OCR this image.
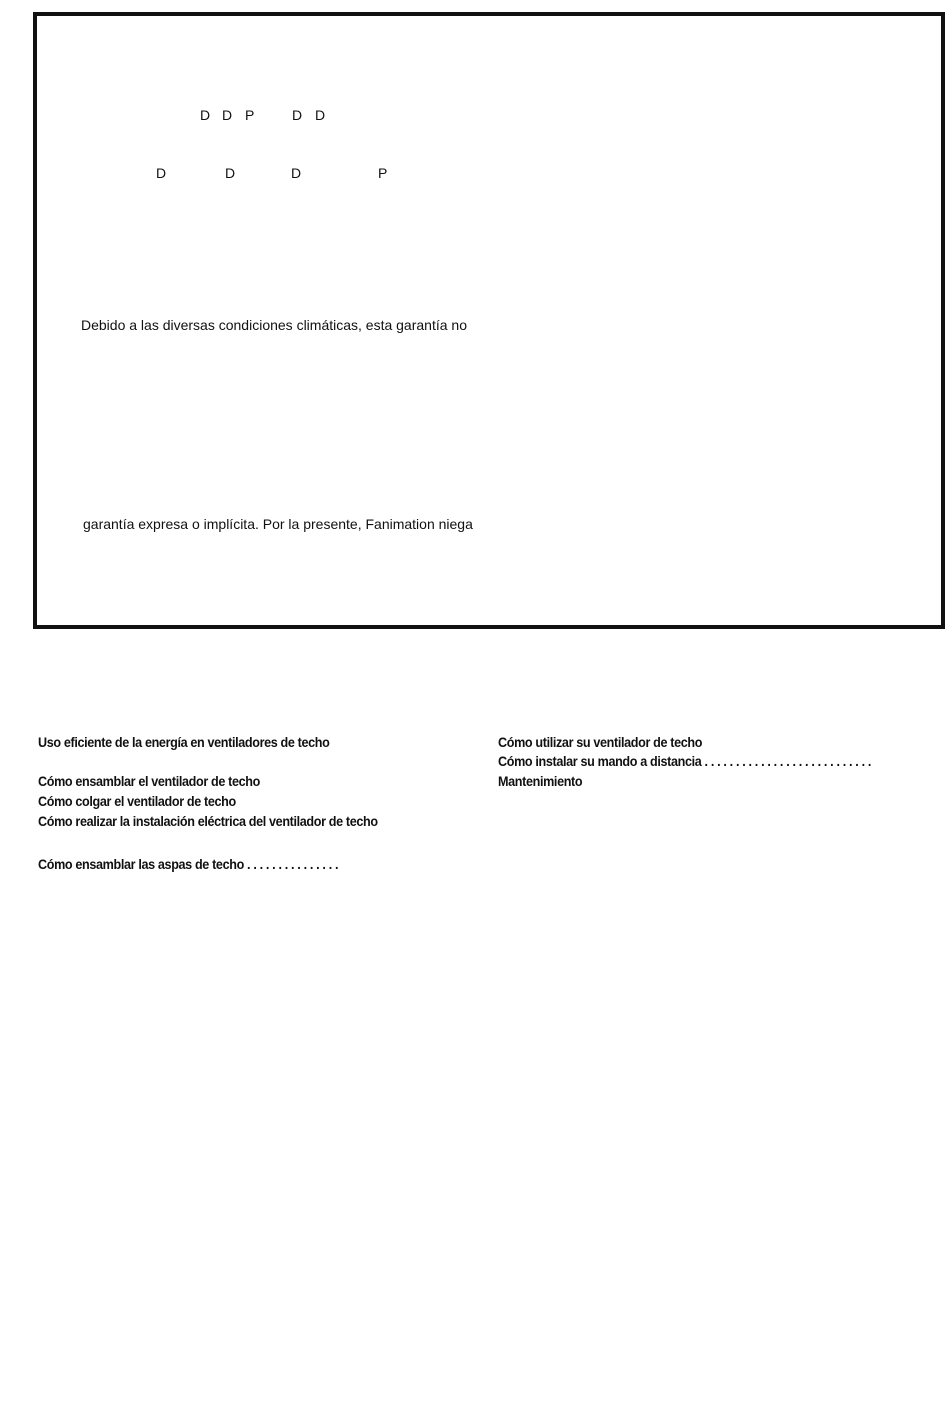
D D P	D D
D	D	D	P
Debido a las diversas condiciones climáticas, esta garantía no
garantía expresa o implícita. Por la presente, Fanimation niega
Uso eficiente de la energía en ventiladores de techo
Cómo ensamblar el ventilador de techo
Cómo colgar el ventilador de techo
Cómo realizar la instalación eléctrica del ventilador de techo
Cómo ensamblar las aspas de techo . . . . . . . . . . . . . . .
Cómo utilizar su ventilador de techo
Cómo instalar su mando a distancia . . . . . . . . . . . . . . . . . . . . . . . . . . .
Mantenimiento
